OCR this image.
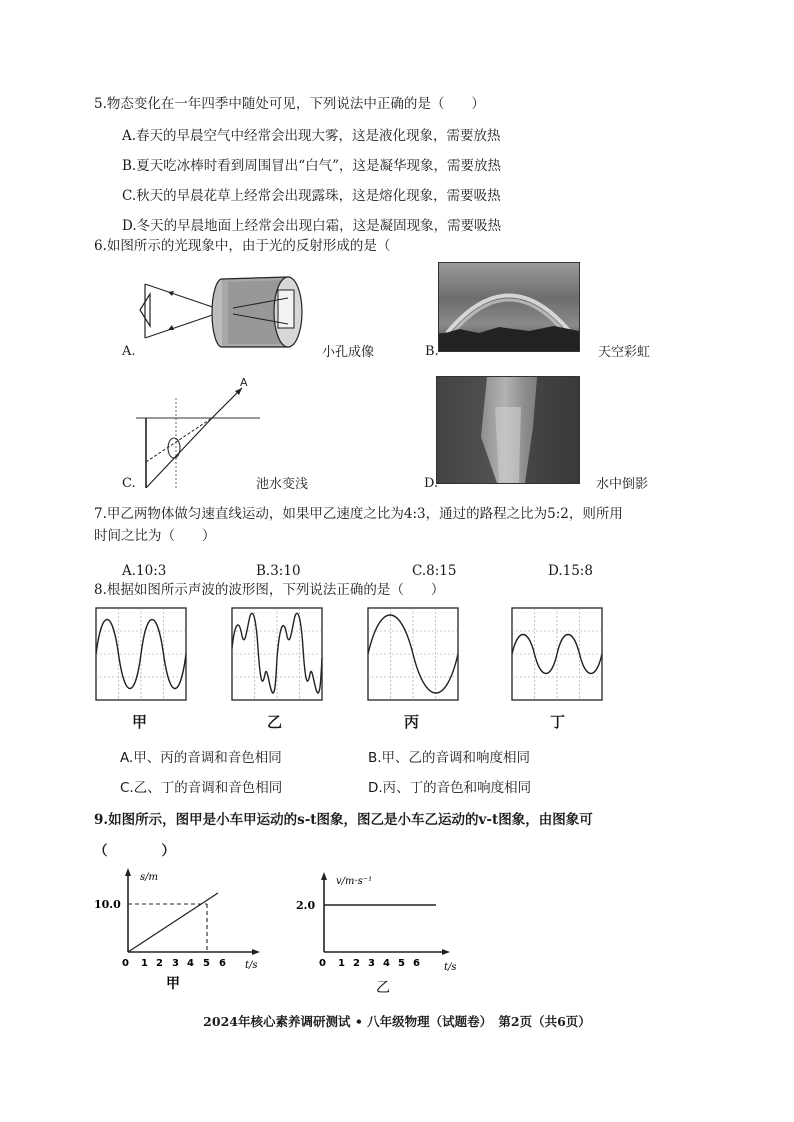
5.物态变化在一年四季中随处可见，下列说法中正确的是（　　）
A.春天的早晨空气中经常会出现大雾，这是液化现象，需要放热
B.夏天吃冰棒时看到周围冒出“白气”，这是凝华现象，需要放热
C.秋天的早晨花草上经常会出现露珠，这是熔化现象，需要吸热
D.冬天的早晨地面上经常会出现白霜，这是凝固现象，需要吸热
6.如图所示的光现象中，由于光的反射形成的是（
A.	小孔成像	B.	天空彩虹
A
C.	池水变浅	D.	水中倒影
7.甲乙两物体做匀速直线运动，如果甲乙速度之比为4:3，通过的路程之比为5:2，则所用
时间之比为（　　）
A.10:3	B.3:10	C.8:15	D.15:8
8.根据如图所示声波的波形图，下列说法正确的是（　　）
甲	乙	丙	丁
A.甲、丙的音调和音色相同	B.甲、乙的音调和响度相同
C.乙、丁的音调和音色相同	D.丙、丁的音色和响度相同
9.如图所示，图甲是小车甲运动的s-t图象，图乙是小车乙运动的v-t图象，由图象可
（　　　　）
s/m
10.0
t/s
0 1 2 3 4 5 6
甲
v/m·s⁻¹
2.0
t/s
0 1 2 3 4 5 6
乙
2024年核心素养调研测试 • 八年级物理（试题卷）　第2页（共6页）
